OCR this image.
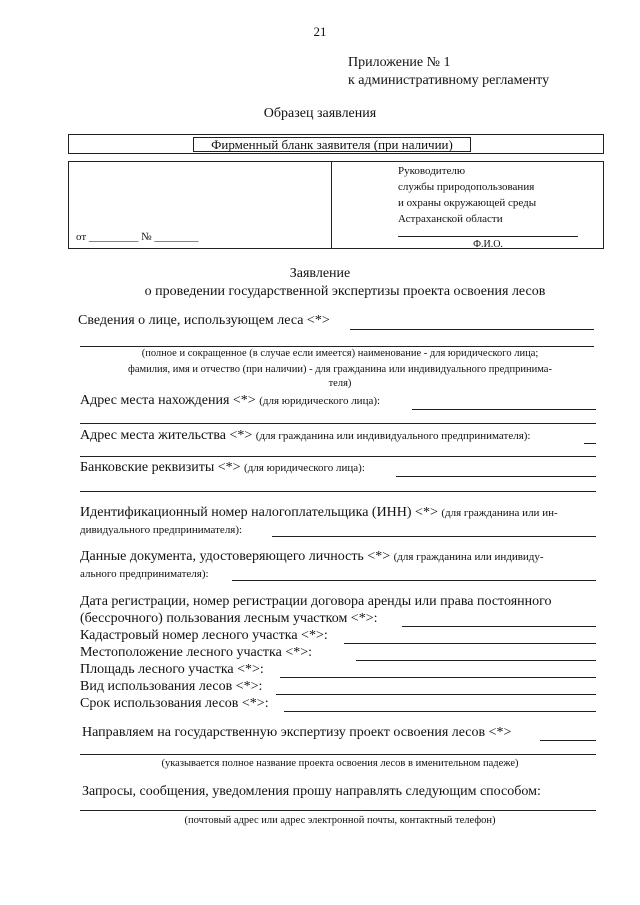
21
Приложение № 1
к административному регламенту
Образец заявления
Фирменный бланк заявителя (при наличии)
Руководителю
службы природопользования
и охраны окружающей среды
Астраханской области
Ф.И.О.
от _________ № ________
Заявление
о проведении государственной экспертизы проекта освоения лесов
Сведения о лице, использующем леса <*>
(полное и сокращенное (в случае если имеется) наименование - для юридического лица;
фамилия, имя и отчество (при наличии) - для гражданина или индивидуального предпринима-
теля)
Адрес места нахождения <*> (для юридического лица):
Адрес места жительства <*> (для гражданина или индивидуального предпринимателя):
Банковские реквизиты <*> (для юридического лица):
Идентификационный номер налогоплательщика (ИНН) <*> (для гражданина или ин-
дивидуального предпринимателя):
Данные документа, удостоверяющего личность <*> (для гражданина или индивиду-
ального предпринимателя):
Дата регистрации, номер регистрации договора аренды или права постоянного
(бессрочного) пользования лесным участком <*>:
Кадастровый номер лесного участка <*>:
Местоположение лесного участка <*>:
Площадь лесного участка <*>:
Вид использования лесов <*>:
Срок использования лесов <*>:
Направляем на государственную экспертизу проект освоения лесов <*>
(указывается полное название проекта освоения лесов в именительном падеже)
Запросы, сообщения, уведомления прошу направлять следующим способом:
(почтовый адрес или адрес электронной почты, контактный телефон)
